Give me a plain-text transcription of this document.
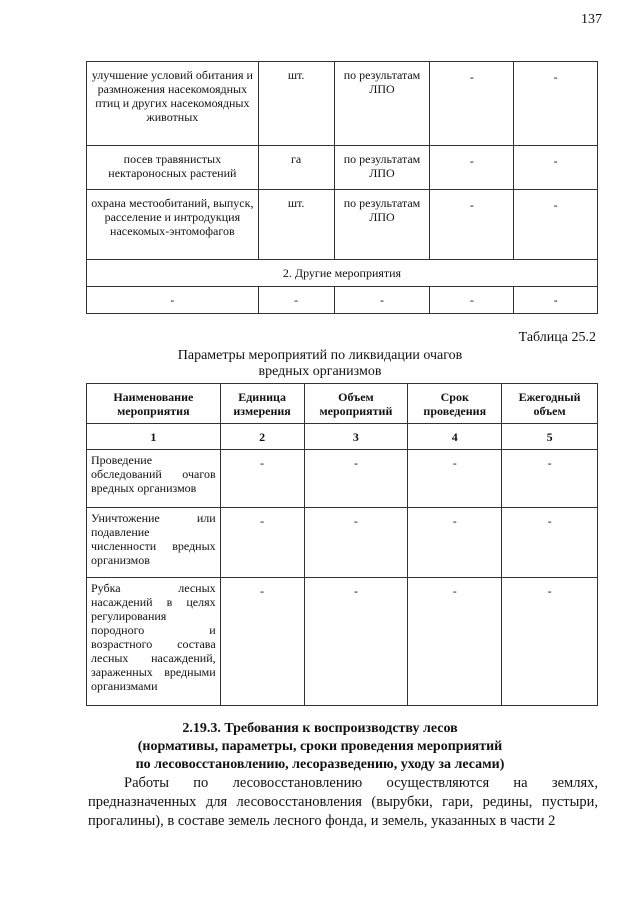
137
улучшение условий обитания и размножения насекомоядных птиц и других насекомоядных животных	шт.	по результатам ЛПО	-	-
посев травянистых нектароносных растений	га	по результатам ЛПО	-	-
охрана местообитаний, выпуск, расселение и интродукция насекомых-энтомофагов	шт.	по результатам ЛПО	-	-
2. Другие мероприятия				
-	-	-	-	-
Таблица 25.2
Параметры мероприятий по ликвидации очагов
вредных организмов
Наименование мероприятия	Единица измерения	Объем мероприятий	Срок проведения	Ежегодный объем
1	2	3	4	5
Проведение обследований очагов вредных организмов	-	-	-	-
Уничтожение или подавление численности вредных организмов	-	-	-	-
Рубка лесных насаждений в целях регулирования породного и возрастного состава лесных насаждений, зараженных вредными организмами	-	-	-	-
2.19.3. Требования к воспроизводству лесов
(нормативы, параметры, сроки проведения мероприятий
по лесовосстановлению, лесоразведению, уходу за лесами)
Работы по лесовосстановлению осуществляются на землях, предназначенных для лесовосстановления (вырубки, гари, редины, пустыри, прогалины), в составе земель лесного фонда, и земель, указанных в части 2
